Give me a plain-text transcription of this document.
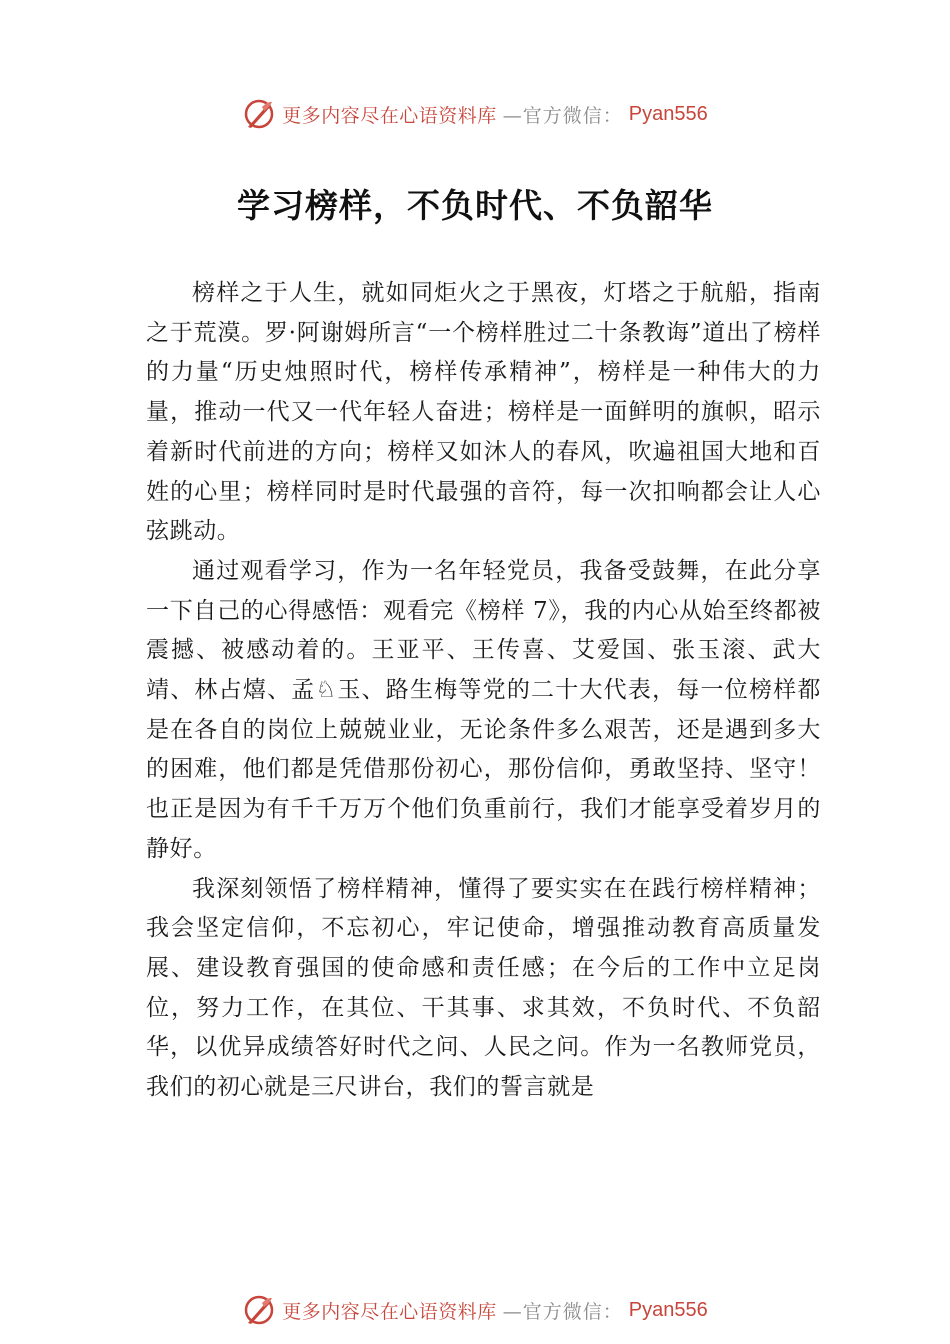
更多内容尽在心语资料库 —官方微信： Pyan556
学习榜样，不负时代、不负韶华

榜样之于人生，就如同炬火之于黑夜，灯塔之于航船，指南之于荒漠。罗·阿谢姆所言“一个榜样胜过二十条教诲”道出了榜样的力量“历史烛照时代，榜样传承精神”，榜样是一种伟大的力量，推动一代又一代年轻人奋进；榜样是一面鲜明的旗帜，昭示着新时代前进的方向；榜样又如沐人的春风，吹遍祖国大地和百姓的心里；榜样同时是时代最强的音符，每一次扣响都会让人心弦跳动。

通过观看学习，作为一名年轻党员，我备受鼓舞，在此分享一下自己的心得感悟：观看完《榜样 7》，我的内心从始至终都被震撼、被感动着的。王亚平、王传喜、艾爱国、张玉滚、武大靖、林占熺、孟♘玉、路生梅等党的二十大代表，每一位榜样都是在各自的岗位上兢兢业业，无论条件多么艰苦，还是遇到多大的困难，他们都是凭借那份初心，那份信仰，勇敢坚持、坚守！也正是因为有千千万万个他们负重前行，我们才能享受着岁月的静好。

我深刻领悟了榜样精神，懂得了要实实在在践行榜样精神；我会坚定信仰，不忘初心，牢记使命，增强推动教育高质量发展、建设教育强国的使命感和责任感；在今后的工作中立足岗位，努力工作，在其位、干其事、求其效，不负时代、不负韶华，以优异成绩答好时代之问、人民之问。作为一名教师党员，我们的初心就是三尺讲台，我们的誓言就是

更多内容尽在心语资料库 —官方微信： Pyan556
